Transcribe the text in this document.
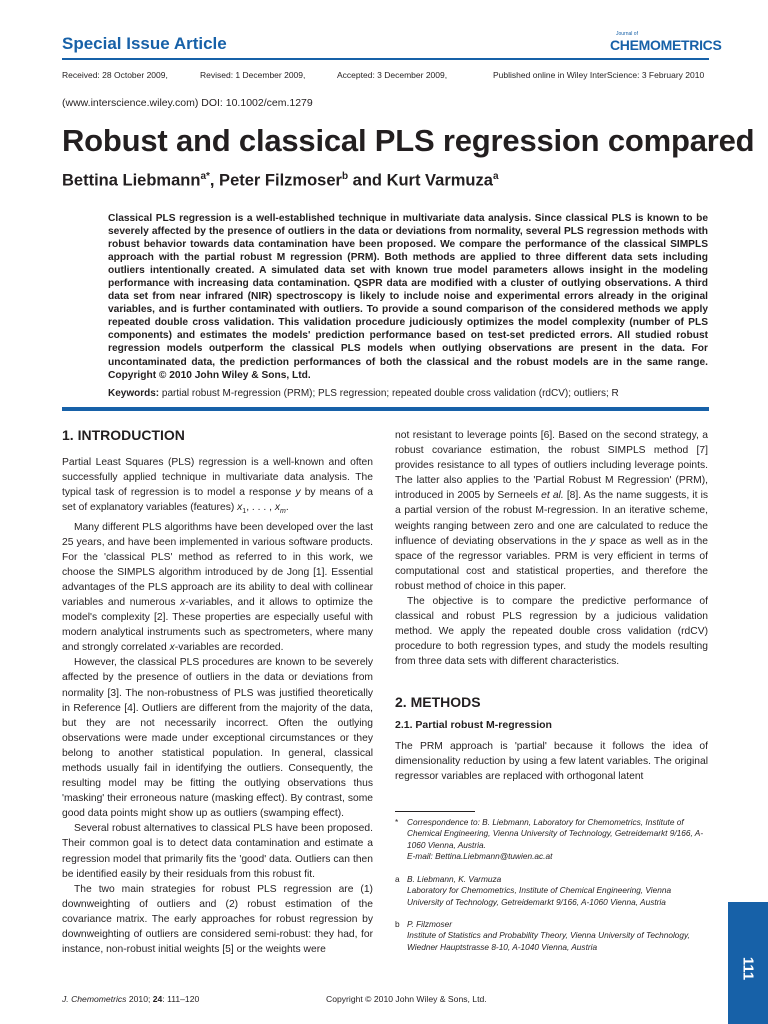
Special Issue Article	Journal of
CHEMOMETRICS
Received: 28 October 2009,	Revised: 1 December 2009,	Accepted: 3 December 2009,	Published online in Wiley InterScience: 3 February 2010
(www.interscience.wiley.com) DOI: 10.1002/cem.1279
Robust and classical PLS regression compared
Bettina Liebmann$^{a*}$, Peter Filzmoser$^b$ and Kurt Varmuza$^a$
Classical PLS regression is a well-established technique in multivariate data analysis. Since classical PLS is known to be severely affected by the presence of outliers in the data or deviations from normality, several PLS regression methods with robust behavior towards data contamination have been proposed. We compare the performance of the classical SIMPLS approach with the partial robust M regression (PRM). Both methods are applied to three different data sets including outliers intentionally created. A simulated data set with known true model parameters allows insight in the modeling performance with increasing data contamination. QSPR data are modified with a cluster of outlying observations. A third data set from near infrared (NIR) spectroscopy is likely to include noise and experimental errors already in the original variables, and is further contaminated with outliers. To provide a sound comparison of the considered methods we apply repeated double cross validation. This validation procedure judiciously optimizes the model complexity (number of PLS components) and estimates the models' prediction performance based on test-set predicted errors. All studied robust regression models outperform the classical PLS models when outlying observations are present in the data. For uncontaminated data, the prediction performances of both the classical and the robust models are in the same range. Copyright © 2010 John Wiley & Sons, Ltd.
Keywords: partial robust M-regression (PRM); PLS regression; repeated double cross validation (rdCV); outliers; R
1. INTRODUCTION

Partial Least Squares (PLS) regression is a well-known and often successfully applied technique in multivariate data analysis. The typical task of regression is to model a response y by means of a set of explanatory variables (features) $x_1$, . . . , $x_m$.

Many different PLS algorithms have been developed over the last 25 years, and have been implemented in various software products. For the 'classical PLS' method as referred to in this work, we choose the SIMPLS algorithm introduced by de Jong [1]. Essential advantages of the PLS approach are its ability to deal with collinear variables and numerous x-variables, and it allows to optimize the model's complexity [2]. These properties are especially useful with modern analytical instruments such as spectrometers, where many and strongly correlated x-variables are recorded.

However, the classical PLS procedures are known to be severely affected by the presence of outliers in the data or deviations from normality [3]. The non-robustness of PLS was justified theoretically in Reference [4]. Outliers are different from the majority of the data, but they are not necessarily incorrect. Often the outlying observations were made under exceptional circumstances or they belong to another statistical population. In general, classical methods usually fail in identifying the outliers. Consequently, the resulting model may be fitting the outlying observations thus 'masking' their erroneous nature (masking effect). By contrast, some good data points might show up as outliers (swamping effect).

Several robust alternatives to classical PLS have been proposed. Their common goal is to detect data contamination and estimate a regression model that primarily fits the 'good' data. Outliers can then be identified easily by their residuals from this robust fit.

The two main strategies for robust PLS regression are (1) downweighting of outliers and (2) robust estimation of the covariance matrix. The early approaches for robust regression by downweighting of outliers are considered semi-robust: they had, for instance, non-robust initial weights [5] or the weights were

not resistant to leverage points [6]. Based on the second strategy, a robust covariance estimation, the robust SIMPLS method [7] provides resistance to all types of outliers including leverage points. The latter also applies to the 'Partial Robust M Regression' (PRM), introduced in 2005 by Serneels et al. [8]. As the name suggests, it is a partial version of the robust M-regression. In an iterative scheme, weights ranging between zero and one are calculated to reduce the influence of deviating observations in the y space as well as in the space of the regressor variables. PRM is very efficient in terms of computational cost and statistical properties, and therefore the robust method of choice in this paper.

The objective is to compare the predictive performance of classical and robust PLS regression by a judicious validation method. We apply the repeated double cross validation (rdCV) procedure to both regression types, and study the models resulting from three data sets with different characteristics.

2. METHODS
2.1. Partial robust M-regression

The PRM approach is 'partial' because it follows the idea of dimensionality reduction by using a few latent variables. The original regressor variables are replaced with orthogonal latent

* Correspondence to: B. Liebmann, Laboratory for Chemometrics, Institute of Chemical Engineering, Vienna University of Technology, Getreidemarkt 9/166, A-1060 Vienna, Austria.
E-mail: Bettina.Liebmann@tuwien.ac.at
a B. Liebmann, K. Varmuza
Laboratory for Chemometrics, Institute of Chemical Engineering, Vienna University of Technology, Getreidemarkt 9/166, A-1060 Vienna, Austria
b P. Filzmoser
Institute of Statistics and Probability Theory, Vienna University of Technology, Wiedner Hauptstrasse 8-10, A-1040 Vienna, Austria
J. Chemometrics 2010; 24: 111–120	Copyright © 2010 John Wiley & Sons, Ltd.
111
